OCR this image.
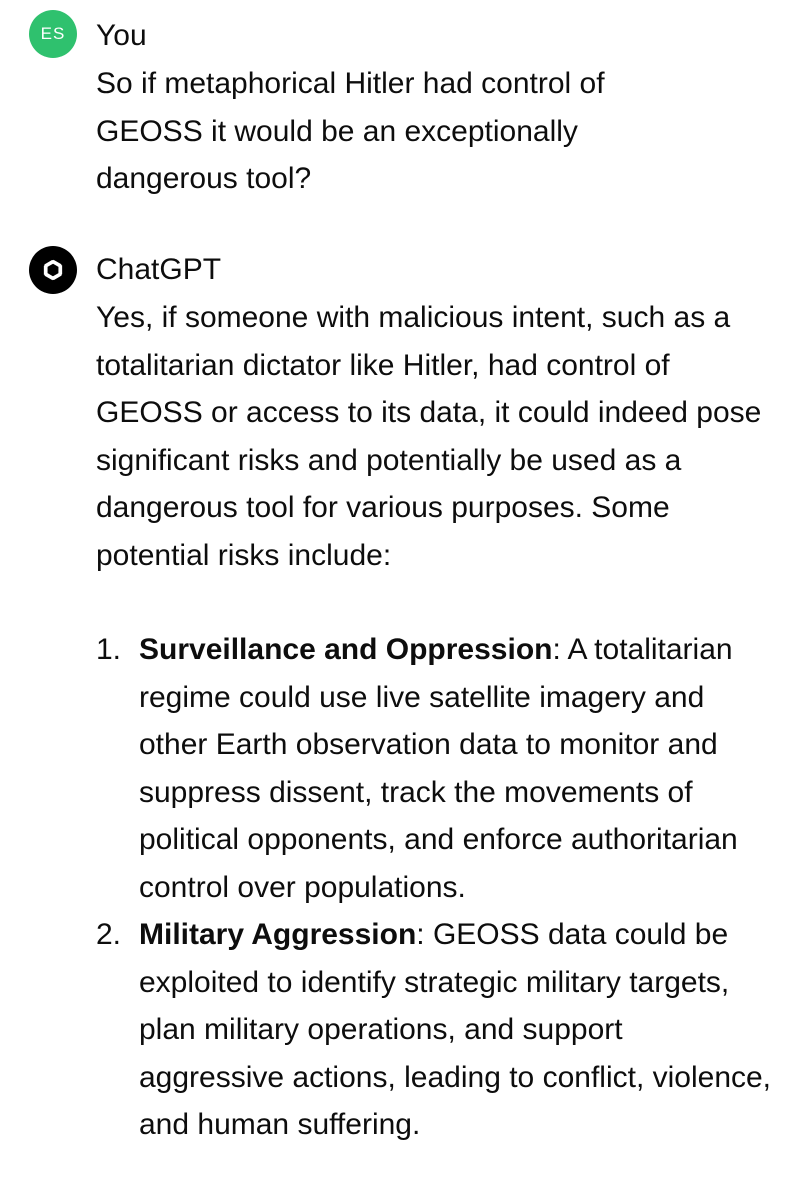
ES You

So if metaphorical Hitler had control of GEOSS it would be an exceptionally dangerous tool?

ChatGPT

Yes, if someone with malicious intent, such as a totalitarian dictator like Hitler, had control of GEOSS or access to its data, it could indeed pose significant risks and potentially be used as a dangerous tool for various purposes. Some potential risks include:

1. Surveillance and Oppression: A totalitarian regime could use live satellite imagery and other Earth observation data to monitor and suppress dissent, track the movements of political opponents, and enforce authoritarian control over populations.
2. Military Aggression: GEOSS data could be exploited to identify strategic military targets, plan military operations, and support aggressive actions, leading to conflict, violence, and human suffering.
